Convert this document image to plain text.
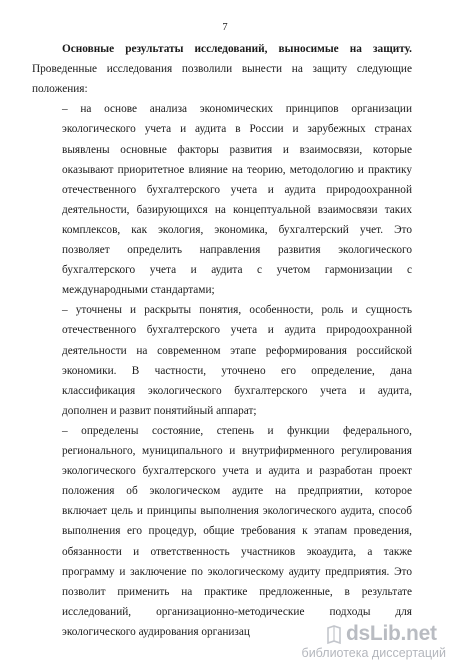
7
Основные результаты исследований, выносимые на защиту.
Проведенные исследования позволили вынести на защиту следующие
положения:
– на основе анализа экономических принципов организации
экологического учета и аудита в России и зарубежных странах
выявлены основные факторы развития и взаимосвязи, которые
оказывают приоритетное влияние на теорию, методологию и практику
отечественного бухгалтерского учета и аудита природоохранной
деятельности, базирующихся на концептуальной взаимосвязи таких
комплексов, как экология, экономика, бухгалтерский учет. Это
позволяет определить направления развития экологического
бухгалтерского учета и аудита с учетом гармонизации с
международными стандартами;
– уточнены и раскрыты понятия, особенности, роль и сущность
отечественного бухгалтерского учета и аудита природоохранной
деятельности на современном этапе реформирования российской
экономики. В частности, уточнено его определение, дана
классификация экологического бухгалтерского учета и аудита,
дополнен и развит понятийный аппарат;
– определены состояние, степень и функции федерального,
регионального, муниципального и внутрифирменного регулирования
экологического бухгалтерского учета и аудита и разработан проект
положения об экологическом аудите на предприятии, которое
включает цель и принципы выполнения экологического аудита, способ
выполнения его процедур, общие требования к этапам проведения,
обязанности и ответственность участников экоаудита, а также
программу и заключение по экологическому аудиту предприятия. Это
позволит применить на практике предложенные, в результате
исследований, организационно-методические подходы для
экологического аудирования организац	dsLib.net
библиотека диссертаций
